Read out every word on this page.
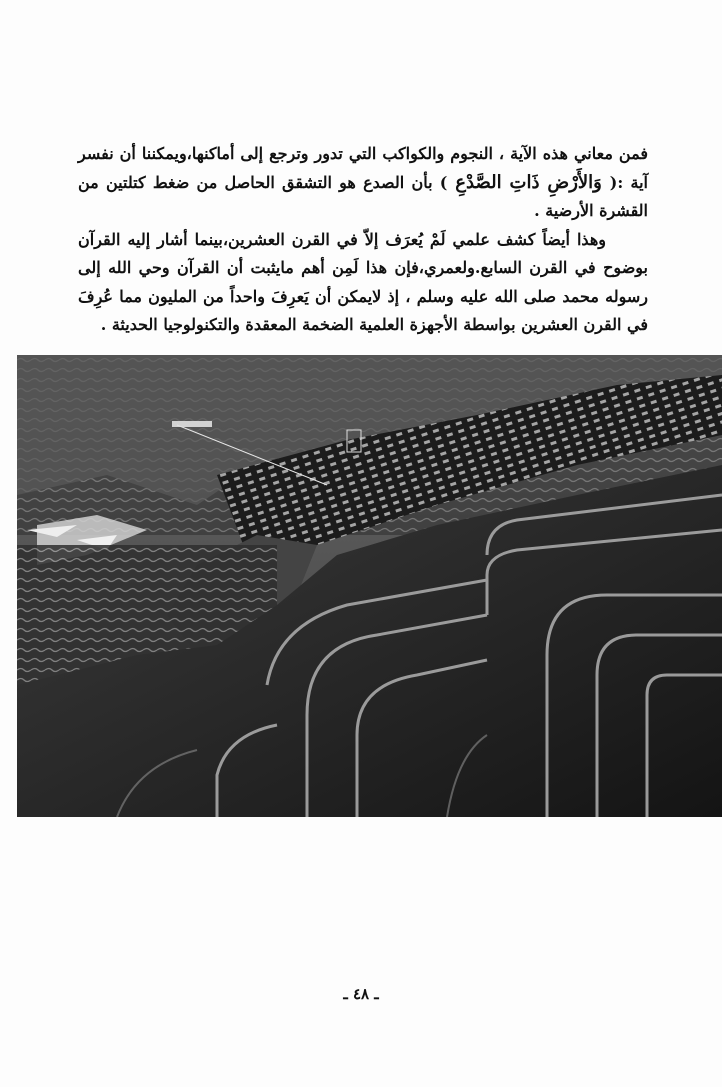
فمن معاني هذه الآية ، النجوم والكواكب التي تدور وترجع إلى أماكنها،ويمكننا أن نفسر آية :( وَالأَرْضِ ذَاتِ الصَّدْعِ ) بأن الصدع هو التشقق الحاصل من ضغط كتلتين من القشرة الأرضية .

وهذا أيضاً كشف علمي لَمْ يُعرَف إلاّ في القرن العشرين،بينما أشار إليه القرآن بوضوح في القرن السابع.ولعمري،فإن هذا لَمِن أهم مايثبت أن القرآن وحي الله إلى رسوله محمد صلى الله عليه وسلم ، إذ لايمكن أن يَعرِفَ واحداً من المليون مما عُرِفَ في القرن العشرين بواسطة الأجهزة العلمية الضخمة المعقدة والتكنولوجيا الحديثة .

ـ ٤٨ ـ
